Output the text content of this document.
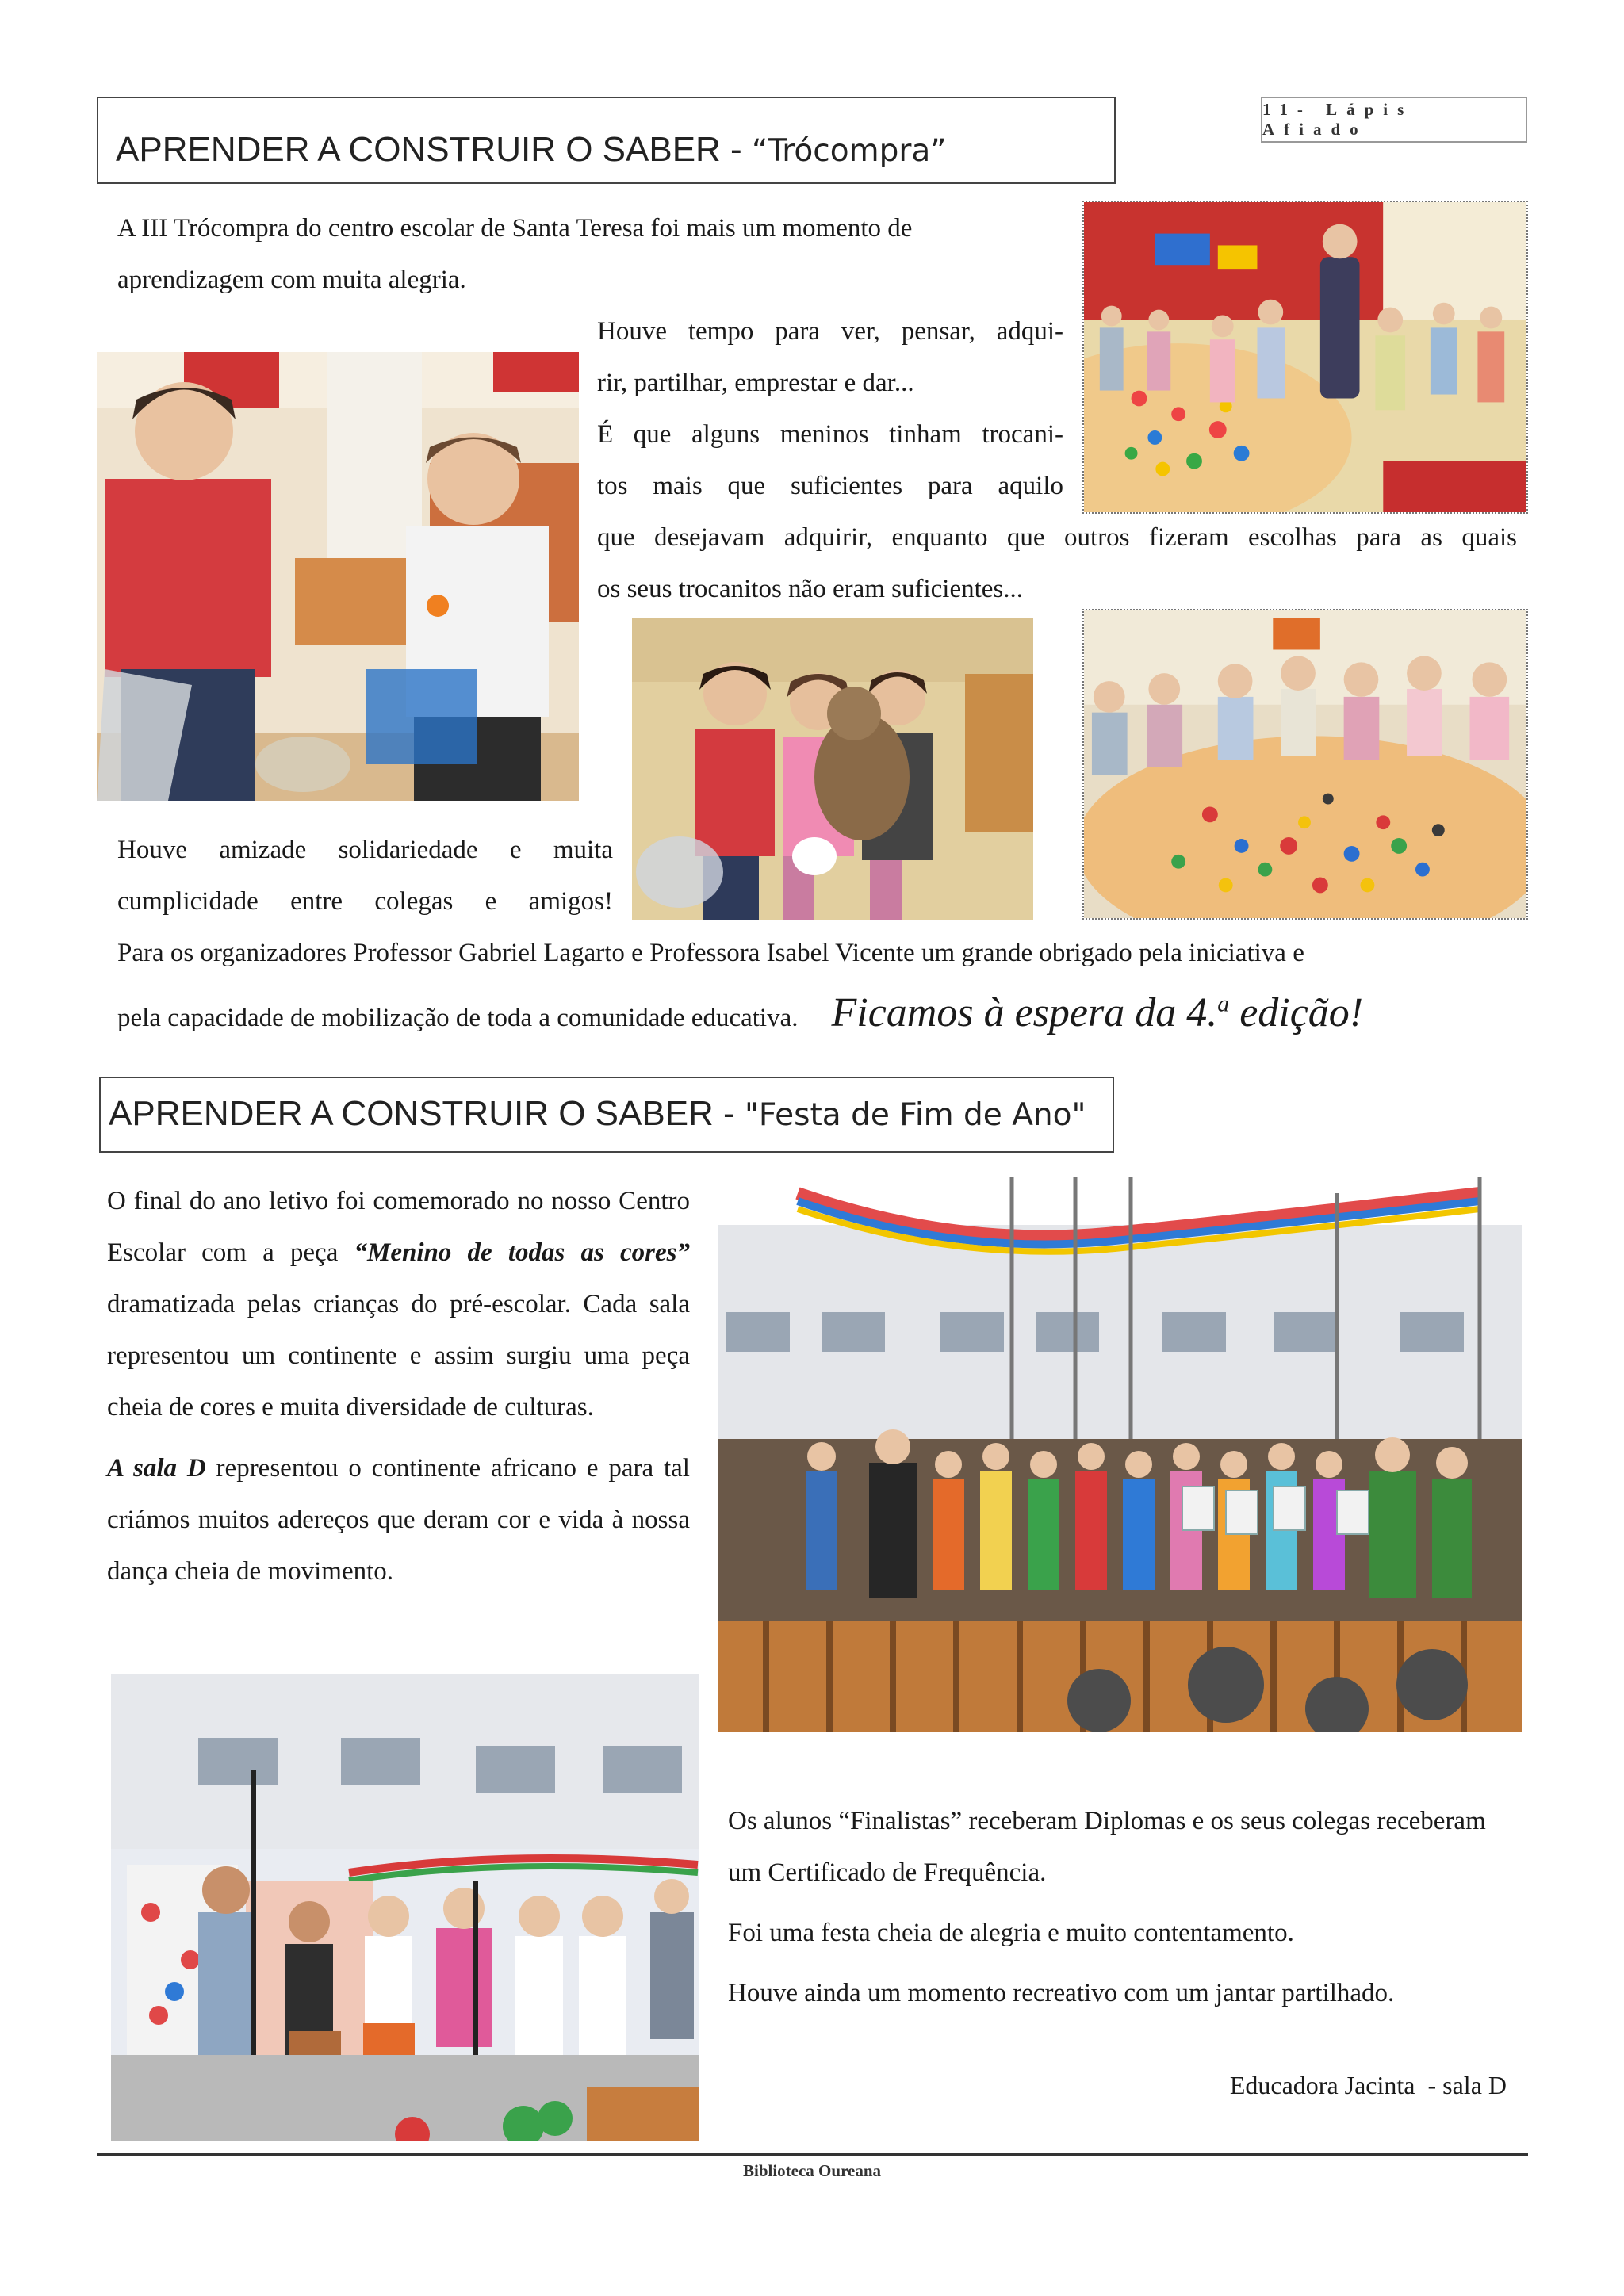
11- Lápis Afiado
APRENDER A CONSTRUIR O SABER - “Trócompra”

A III Trócompra do centro escolar de Santa Teresa foi mais um momento de aprendizagem com muita alegria.

Houve tempo para ver, pensar, adqui-
rir, partilhar, emprestar e dar...
É que alguns meninos tinham trocani-
tos mais que suficientes para aquilo
que desejavam adquirir, enquanto que outros fizeram escolhas para as quais
os seus trocanitos não eram suficientes...
Houve amizade solidariedade e muita
cumplicidade entre colegas e amigos!
Para os organizadores Professor Gabriel Lagarto e Professora Isabel Vicente um grande obrigado pela iniciativa e
pela capacidade de mobilização de toda a comunidade educativa. Ficamos à espera da 4.$^a$ edição!
APRENDER A CONSTRUIR O SABER - "Festa de Fim de Ano"

O final do ano letivo foi comemorado no nosso Centro Escolar com a peça “Menino de todas as cores” dramatizada pelas crianças do pré-escolar. Cada sala representou um continente e assim surgiu uma peça cheia de cores e muita diversidade de culturas.

A sala D representou o continente africano e para tal criámos muitos adereços que deram cor e vida à nossa dança cheia de movimento.

Os alunos “Finalistas” receberam Diplomas e os seus colegas receberam um Certificado de Frequência.

Foi uma festa cheia de alegria e muito contentamento.

Houve ainda um momento recreativo com um jantar partilhado.

Educadora Jacinta  - sala D
Biblioteca Oureana
